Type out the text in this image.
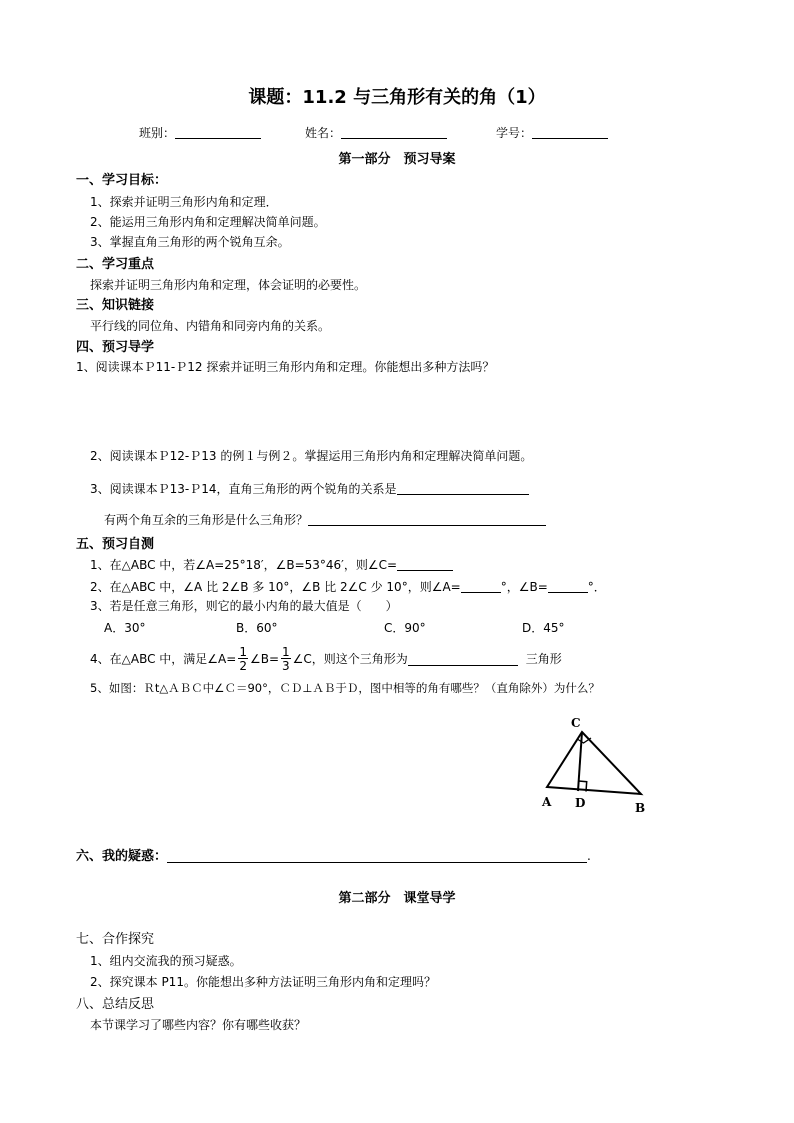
课题：11.2 与三角形有关的角（1）
班别：	姓名：	学号：
第一部分　预习导案
一、学习目标：
1、探索并证明三角形内角和定理．
2、能运用三角形内角和定理解决简单问题。
3、掌握直角三角形的两个锐角互余。
二、学习重点
探索并证明三角形内角和定理，体会证明的必要性。
三、知识链接
平行线的同位角、内错角和同旁内角的关系。
四、预习导学
1、阅读课本Ｐ11-Ｐ12 探索并证明三角形内角和定理。你能想出多种方法吗？
2、阅读课本Ｐ12-Ｐ13 的例１与例２。掌握运用三角形内角和定理解决简单问题。
3、阅读课本Ｐ13-Ｐ14，直角三角形的两个锐角的关系是
有两个角互余的三角形是什么三角形？
五、预习自测
1、在△ABC 中，若∠A=25°18′，∠B=53°46′，则∠C=
2、在△ABC 中，∠A 比 2∠B 多 10°，∠B 比 2∠C 少 10°，则∠A=	°，∠B=	°．
3、若是任意三角形，则它的最小内角的最大值是（　　）
A．30°	B．60°	C．90°	D．45°
4、在△ABC 中，满足∠A= $\frac{1}{2}$ ∠B= $\frac{1}{3}$ ∠C，则这个三角形为	三角形
5、如图：Ｒt△ＡＢＣ中∠Ｃ＝90°，ＣＤ⊥ＡＢ于Ｄ，图中相等的角有哪些？（直角除外）为什么？
C
A D	B
六、我的疑惑：	.
第二部分　课堂导学
七、合作探究
1、组内交流我的预习疑惑。
2、探究课本 P11。你能想出多种方法证明三角形内角和定理吗？
八、总结反思
本节课学习了哪些内容？你有哪些收获？
